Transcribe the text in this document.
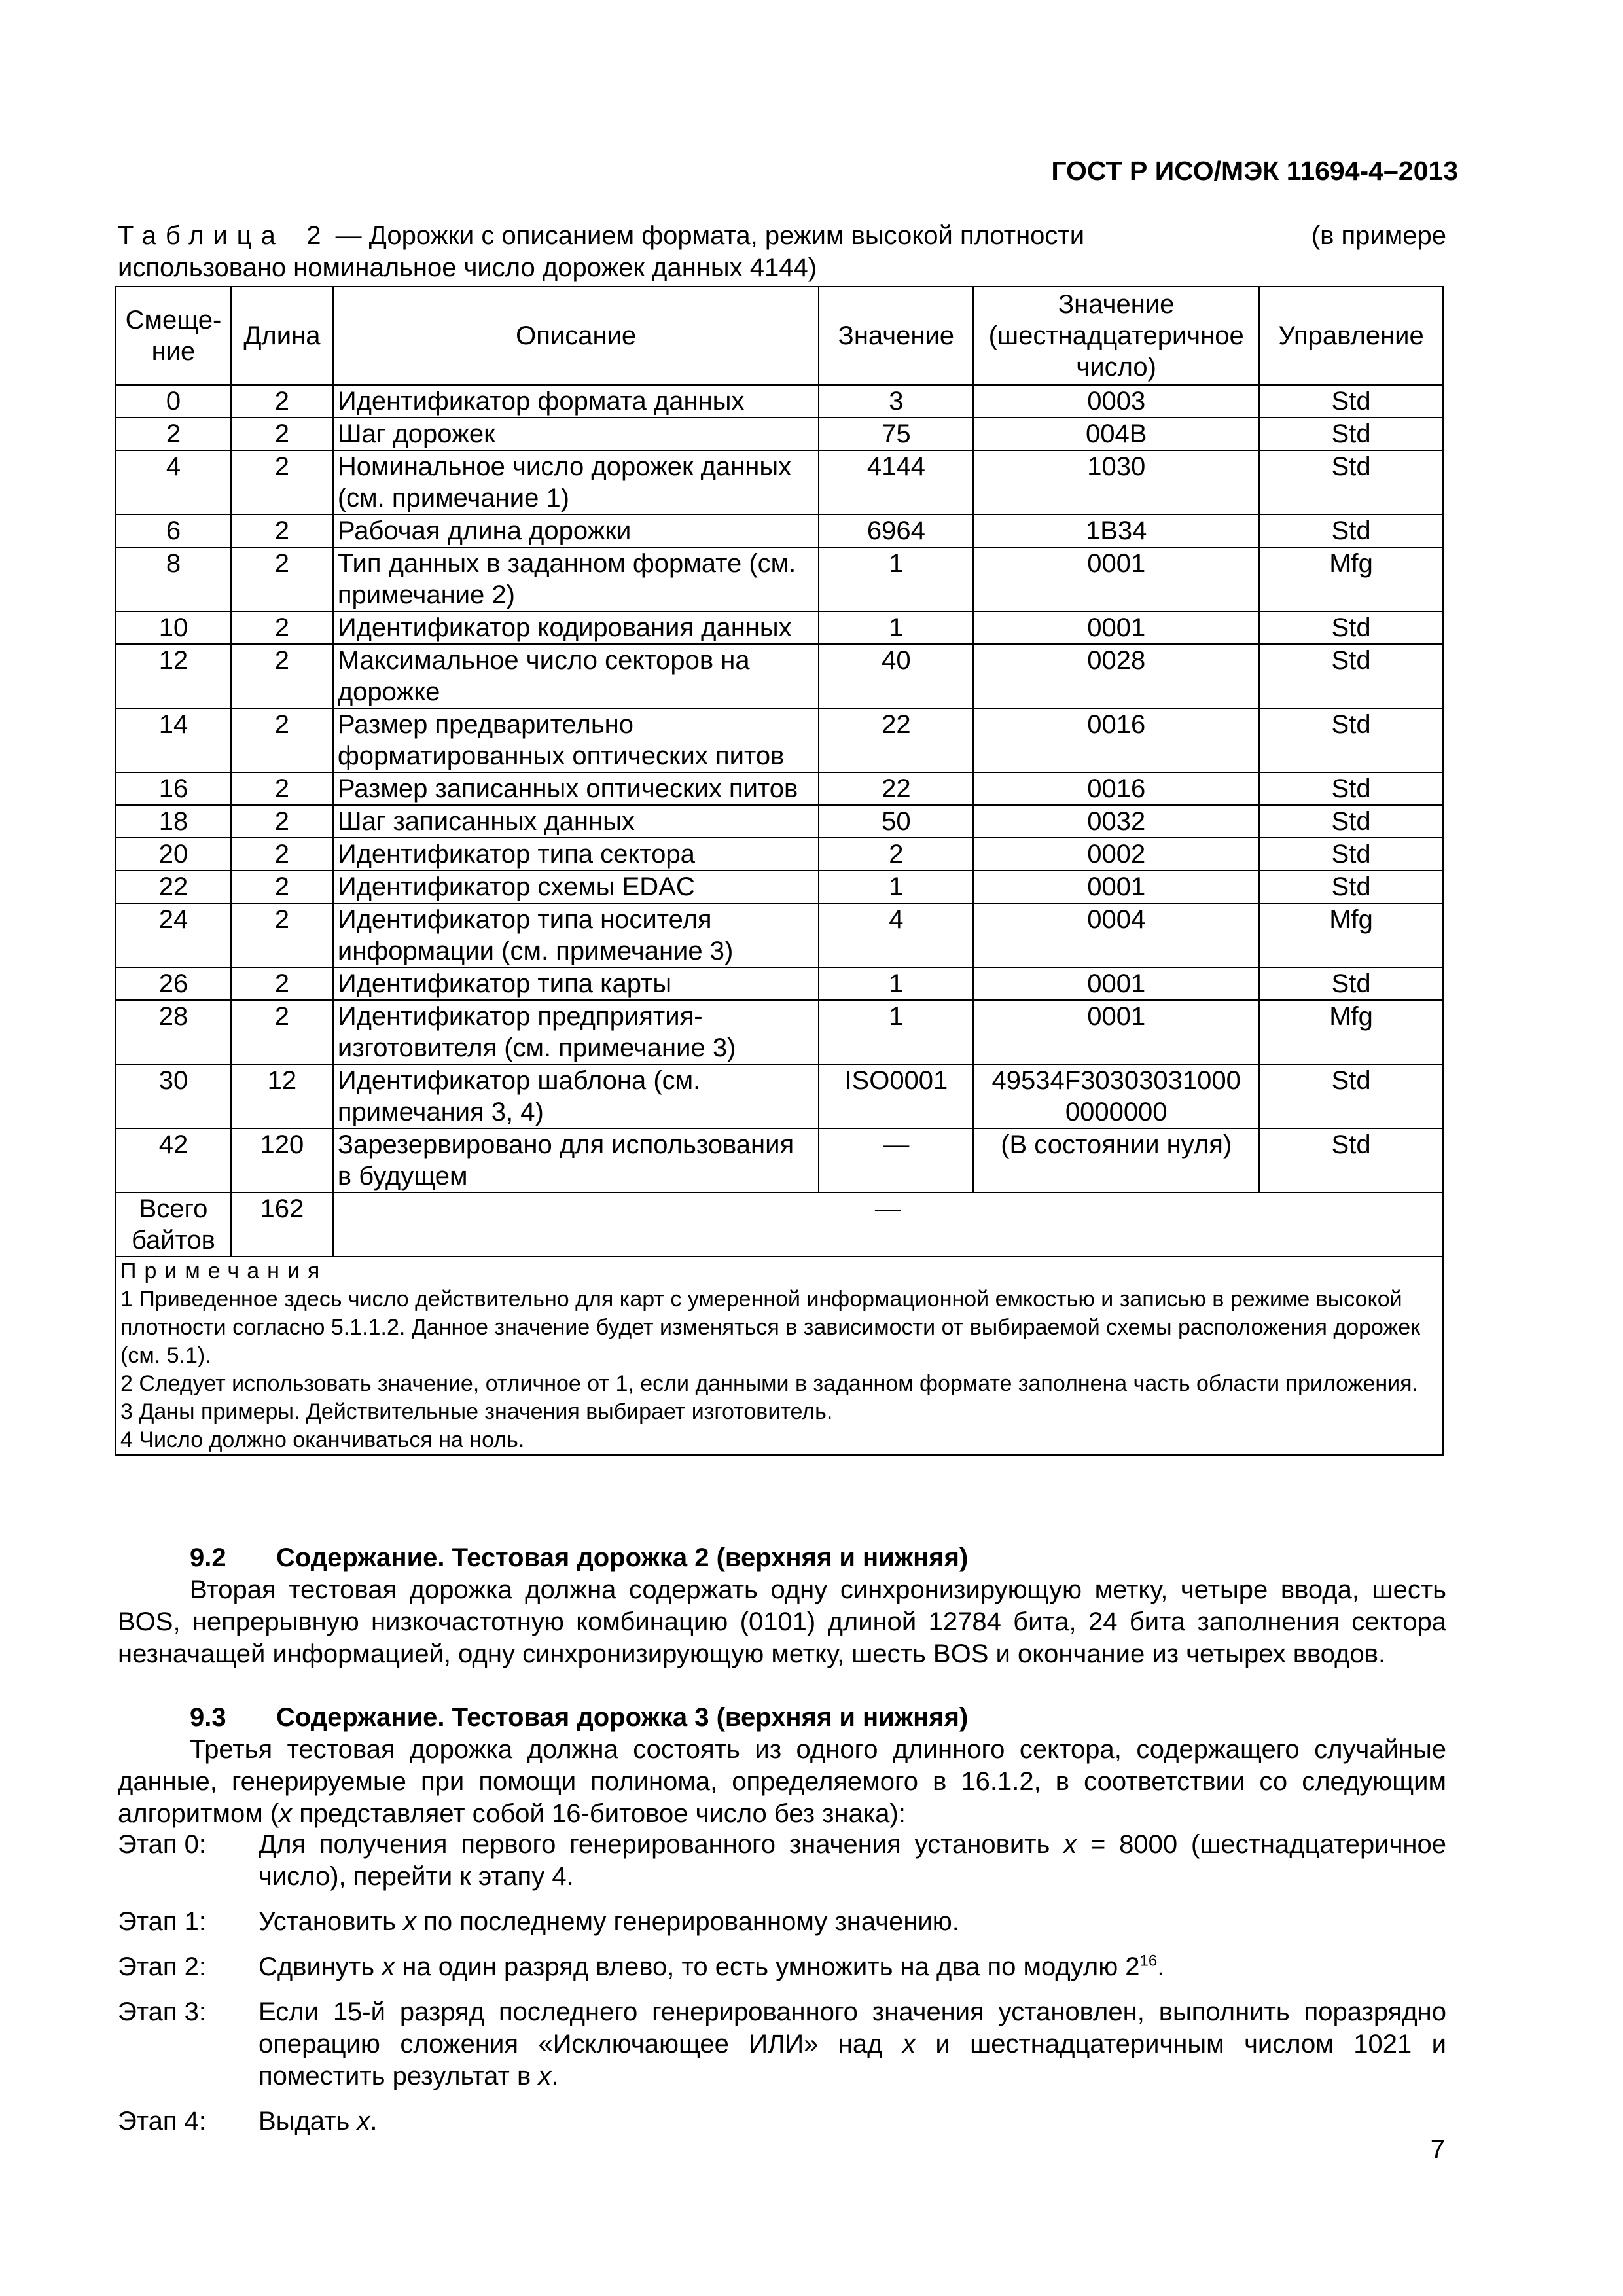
ГОСТ Р ИСО/МЭК 11694-4–2013
Таблица 2 — Дорожки с описанием формата, режим высокой плотности	(в примере
использовано номинальное число дорожек данных 4144)
Смеще-
ние	Длина	Описание	Значение	Значение
(шестнадцатеричное
число)	Управление
0	2	Идентификатор формата данных	3	0003	Std
2	2	Шаг дорожек	75	004B	Std
4	2	Номинальное число дорожек данных (см. примечание 1)	4144	1030	Std
6	2	Рабочая длина дорожки	6964	1B34	Std
8	2	Тип данных в заданном формате (см. примечание 2)	1	0001	Mfg
10	2	Идентификатор кодирования данных	1	0001	Std
12	2	Максимальное число секторов на дорожке	40	0028	Std
14	2	Размер предварительно форматированных оптических питов	22	0016	Std
16	2	Размер записанных оптических питов	22	0016	Std
18	2	Шаг записанных данных	50	0032	Std
20	2	Идентификатор типа сектора	2	0002	Std
22	2	Идентификатор схемы EDAC	1	0001	Std
24	2	Идентификатор типа носителя информации (см. примечание 3)	4	0004	Mfg
26	2	Идентификатор типа карты	1	0001	Std
28	2	Идентификатор предприятия-изготовителя (см. примечание 3)	1	0001	Mfg
30	12	Идентификатор шаблона (см. примечания 3, 4)	ISO0001	49534F30303031000 0000000	Std
42	120	Зарезервировано для использования в будущем	—	(В состоянии нуля)	Std
Всего байтов	162	—			

Примечания
1 Приведенное здесь число действительно для карт с умеренной информационной емкостью и записью в режиме высокой плотности согласно 5.1.1.2. Данное значение будет изменяться в зависимости от выбираемой схемы расположения дорожек (см. 5.1).
2 Следует использовать значение, отличное от 1, если данными в заданном формате заполнена часть области приложения.
3 Даны примеры. Действительные значения выбирает изготовитель.
4 Число должно оканчиваться на ноль.					
9.2 Содержание. Тестовая дорожка 2 (верхняя и нижняя)
Вторая тестовая дорожка должна содержать одну синхронизирующую метку, четыре ввода, шесть BOS, непрерывную низкочастотную комбинацию (0101) длиной 12784 бита, 24 бита заполнения сектора незначащей информацией, одну синхронизирующую метку, шесть BOS и окончание из четырех вводов.
9.3 Содержание. Тестовая дорожка 3 (верхняя и нижняя)
Третья тестовая дорожка должна состоять из одного длинного сектора, содержащего случайные данные, генерируемые при помощи полинома, определяемого в 16.1.2, в соответствии со следующим алгоритмом (x представляет собой 16-битовое число без знака):
Этап 0:	Для получения первого генерированного значения установить x = 8000 (шестнадцатеричное число), перейти к этапу 4.
Этап 1:	Установить x по последнему генерированному значению.
Этап 2:	Сдвинуть x на один разряд влево, то есть умножить на два по модулю $2^{16}$.
Этап 3:	Если 15-й разряд последнего генерированного значения установлен, выполнить поразрядно операцию сложения «Исключающее ИЛИ» над x и шестнадцатеричным числом 1021 и поместить результат в x.
Этап 4:	Выдать x.
7
